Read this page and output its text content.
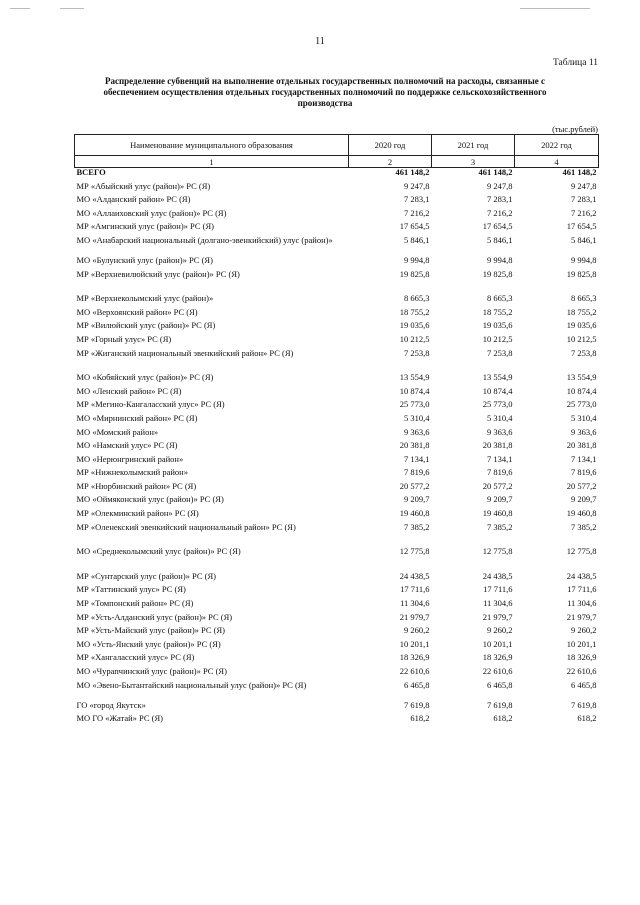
11
Таблица 11
Распределение субвенций на выполнение отдельных государственных полномочий на расходы, связанные с обеспечением осуществления отдельных государственных полномочий по поддержке сельскохозяйственного производства
(тыс.рублей)
Наименование муниципального образования	2020 год	2021 год	2022 год
1	2	3	4
ВСЕГО	461 148,2	461 148,2	461 148,2
МР «Абыйский улус (район)» РС (Я)	9 247,8	9 247,8	9 247,8
МО «Алданский район» РС (Я)	7 283,1	7 283,1	7 283,1
МО «Аллаиховский улус (район)» РС (Я)	7 216,2	7 216,2	7 216,2
МР «Амгинский улус (район)» РС (Я)	17 654,5	17 654,5	17 654,5
МО «Анабарский национальный (долгано-эвенкийский) улус (район)»	5 846,1	5 846,1	5 846,1
МО «Булунский улус (район)» РС (Я)	9 994,8	9 994,8	9 994,8
МР «Верхневилюйский улус (район)» РС (Я)	19 825,8	19 825,8	19 825,8

МР «Верхнеколымский улус (район)»	8 665,3	8 665,3	8 665,3
МО «Верхоянский район» РС (Я)	18 755,2	18 755,2	18 755,2
МР «Вилюйский улус (район)» РС (Я)	19 035,6	19 035,6	19 035,6
МР «Горный улус» РС (Я)	10 212,5	10 212,5	10 212,5
МР «Жиганский национальный эвенкийский район» РС (Я)	7 253,8	7 253,8	7 253,8

МО «Кобяйский улус (район)» РС (Я)	13 554,9	13 554,9	13 554,9
МО «Ленский район» РС (Я)	10 874,4	10 874,4	10 874,4
МР «Мегино-Кангаласский улус» РС (Я)	25 773,0	25 773,0	25 773,0
МО «Мирнинский район» РС (Я)	5 310,4	5 310,4	5 310,4
МО «Момский район»	9 363,6	9 363,6	9 363,6
МО «Намский улус» РС (Я)	20 381,8	20 381,8	20 381,8
МО «Нерюнгринский район»	7 134,1	7 134,1	7 134,1
МР «Нижнеколымский район»	7 819,6	7 819,6	7 819,6
МР «Нюрбинский район» РС (Я)	20 577,2	20 577,2	20 577,2
МО «Оймяконский улус (район)» РС (Я)	9 209,7	9 209,7	9 209,7
МР «Олекминский район» РС (Я)	19 460,8	19 460,8	19 460,8
МР «Оленекский эвенкийский национальный район» РС (Я)	7 385,2	7 385,2	7 385,2

МО «Среднеколымский улус (район)» РС (Я)	12 775,8	12 775,8	12 775,8

МР «Сунтарский улус (район)» РС (Я)	24 438,5	24 438,5	24 438,5
МР «Таттинский улус» РС (Я)	17 711,6	17 711,6	17 711,6
МР «Томпонский район» РС (Я)	11 304,6	11 304,6	11 304,6
МР «Усть-Алданский улус (район)» РС (Я)	21 979,7	21 979,7	21 979,7
МР «Усть-Майский улус (район)» РС (Я)	9 260,2	9 260,2	9 260,2
МО «Усть-Янский улус (район)» РС (Я)	10 201,1	10 201,1	10 201,1
МР «Хангаласский улус» РС (Я)	18 326,9	18 326,9	18 326,9
МО «Чурапчинский улус (район)» РС (Я)	22 610,6	22 610,6	22 610,6
МО «Эвено-Бытантайский национальный улус (район)» РС (Я)	6 465,8	6 465,8	6 465,8
ГО «город Якутск»	7 619,8	7 619,8	7 619,8
МО ГО «Жатай» РС (Я)	618,2	618,2	618,2
